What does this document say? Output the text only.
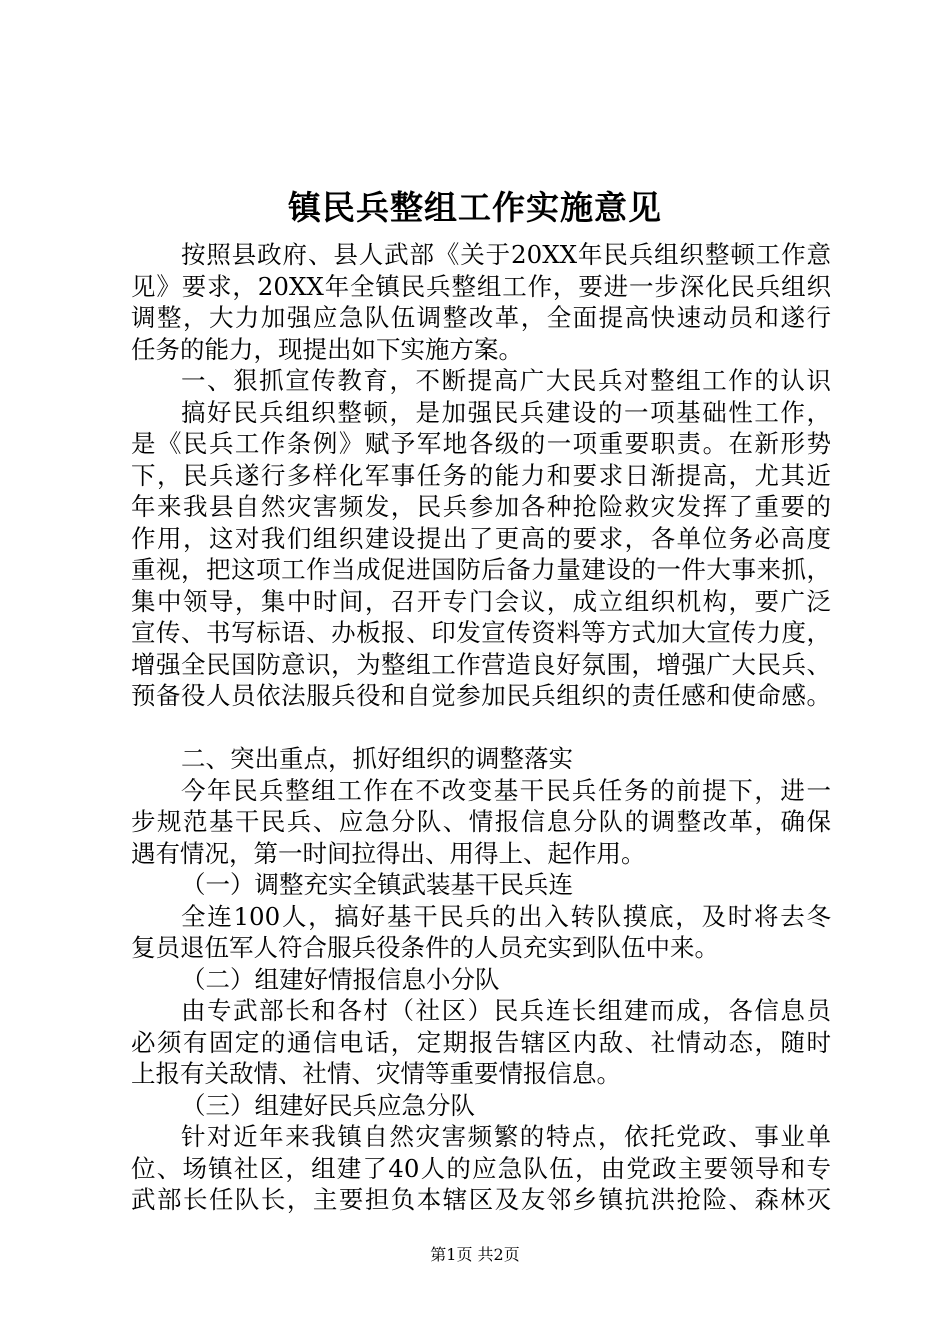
镇民兵整组工作实施意见
按照县政府、县人武部《关于20XX年民兵组织整顿工作意
见》要求，20XX年全镇民兵整组工作，要进一步深化民兵组织
调整，大力加强应急队伍调整改革，全面提高快速动员和遂行
任务的能力，现提出如下实施方案。
一、狠抓宣传教育，不断提高广大民兵对整组工作的认识
搞好民兵组织整顿，是加强民兵建设的一项基础性工作，
是《民兵工作条例》赋予军地各级的一项重要职责。在新形势
下，民兵遂行多样化军事任务的能力和要求日渐提高，尤其近
年来我县自然灾害频发，民兵参加各种抢险救灾发挥了重要的
作用，这对我们组织建设提出了更高的要求，各单位务必高度
重视，把这项工作当成促进国防后备力量建设的一件大事来抓，
集中领导，集中时间，召开专门会议，成立组织机构，要广泛
宣传、书写标语、办板报、印发宣传资料等方式加大宣传力度，
增强全民国防意识，为整组工作营造良好氛围，增强广大民兵、
预备役人员依法服兵役和自觉参加民兵组织的责任感和使命感。
二、突出重点，抓好组织的调整落实
今年民兵整组工作在不改变基干民兵任务的前提下，进一
步规范基干民兵、应急分队、情报信息分队的调整改革，确保
遇有情况，第一时间拉得出、用得上、起作用。
（一）调整充实全镇武装基干民兵连
全连100人，搞好基干民兵的出入转队摸底，及时将去冬
复员退伍军人符合服兵役条件的人员充实到队伍中来。
（二）组建好情报信息小分队
由专武部长和各村（社区）民兵连长组建而成，各信息员
必须有固定的通信电话，定期报告辖区内敌、社情动态，随时
上报有关敌情、社情、灾情等重要情报信息。
（三）组建好民兵应急分队
针对近年来我镇自然灾害频繁的特点，依托党政、事业单
位、场镇社区，组建了40人的应急队伍，由党政主要领导和专
武部长任队长，主要担负本辖区及友邻乡镇抗洪抢险、森林灭
第1页 共2页
